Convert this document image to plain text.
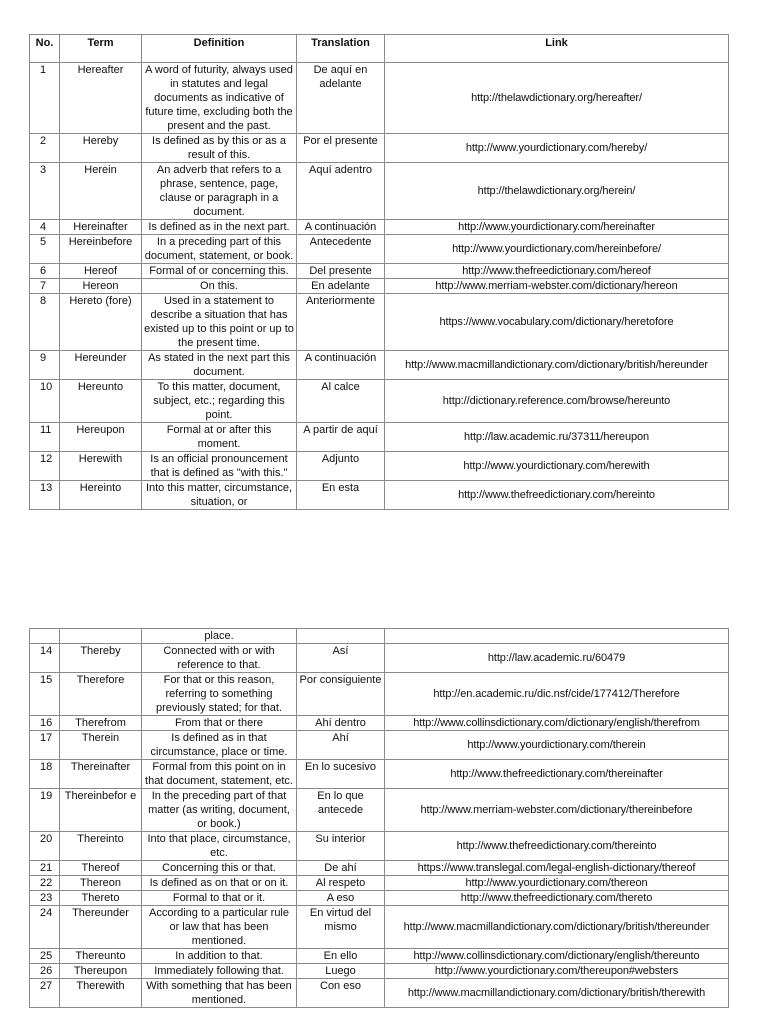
No.	Term	Definition	Translation	Link
1	Hereafter	A word of futurity, always used in statutes and legal documents as indicative of future time, excluding both the present and the past.	De aquí en adelante	http://thelawdictionary.org/hereafter/
2	Hereby	Is defined as by this or as a result of this.	Por el presente	http://www.yourdictionary.com/hereby/
3	Herein	An adverb that refers to a phrase, sentence, page, clause or paragraph in a document.	Aquí adentro	http://thelawdictionary.org/herein/
4	Hereinafter	Is defined as in the next part.	A continuación	http://www.yourdictionary.com/hereinafter
5	Hereinbefore	In a preceding part of this document, statement, or book.	Antecedente	http://www.yourdictionary.com/hereinbefore/
6	Hereof	Formal of or concerning this.	Del presente	http://www.thefreedictionary.com/hereof
7	Hereon	On this.	En adelante	http://www.merriam-webster.com/dictionary/hereon
8	Hereto (fore)	Used in a statement to describe a situation that has existed up to this point or up to the present time.	Anteriormente	https://www.vocabulary.com/dictionary/heretofore
9	Hereunder	As stated in the next part this document.	A continuación	http://www.macmillandictionary.com/dictionary/british/hereunder
10	Hereunto	To this matter, document, subject, etc.; regarding this point.	Al calce	http://dictionary.reference.com/browse/hereunto
11	Hereupon	Formal at or after this moment.	A partir de aquí	http://law.academic.ru/37311/hereupon
12	Herewith	Is an official pronouncement that is defined as "with this."	Adjunto	http://www.yourdictionary.com/herewith
13	Hereinto	Into this matter, circumstance, situation, or	En esta	http://www.thefreedictionary.com/hereinto
		place.		
14	Thereby	Connected with or with reference to that.	Así	http://law.academic.ru/60479
15	Therefore	For that or this reason, referring to something previously stated; for that.	Por consiguiente	http://en.academic.ru/dic.nsf/cide/177412/Therefore
16	Therefrom	From that or there	Ahí dentro	http://www.collinsdictionary.com/dictionary/english/therefrom
17	Therein	Is defined as in that circumstance, place or time.	Ahí	http://www.yourdictionary.com/therein
18	Thereinafter	Formal from this point on in that document, statement, etc.	En lo sucesivo	http://www.thefreedictionary.com/thereinafter
19	Thereinbefor e	In the preceding part of that matter (as writing, document, or book.)	En lo que antecede	http://www.merriam-webster.com/dictionary/thereinbefore
20	Thereinto	Into that place, circumstance, etc.	Su interior	http://www.thefreedictionary.com/thereinto
21	Thereof	Concerning this or that.	De ahí	https://www.translegal.com/legal-english-dictionary/thereof
22	Thereon	Is defined as on that or on it.	Al respeto	http://www.yourdictionary.com/thereon
23	Thereto	Formal to that or it.	A eso	http://www.thefreedictionary.com/thereto
24	Thereunder	According to a particular rule or law that has been mentioned.	En virtud del mismo	http://www.macmillandictionary.com/dictionary/british/thereunder
25	Thereunto	In addition to that.	En ello	http://www.collinsdictionary.com/dictionary/english/thereunto
26	Thereupon	Immediately following that.	Luego	http://www.yourdictionary.com/thereupon#websters
27	Therewith	With something that has been mentioned.	Con eso	http://www.macmillandictionary.com/dictionary/british/therewith
